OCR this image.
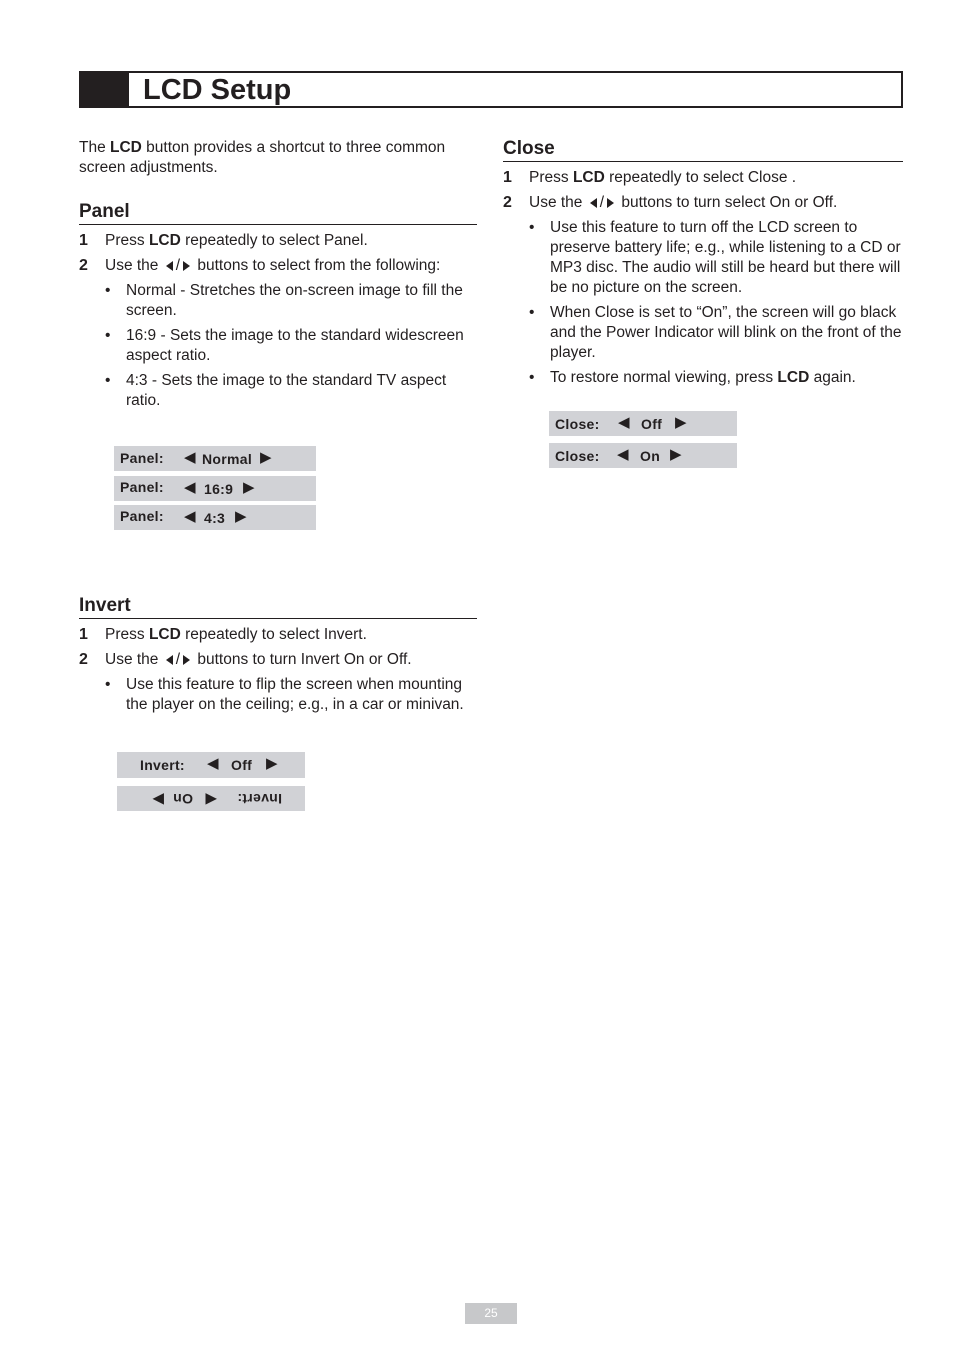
LCD Setup

The LCD button provides a shortcut to three common screen adjustments.

Panel
1 Press LCD repeatedly to select Panel.
2 Use the / buttons to select from the following:
• Normal - Stretches the on-screen image to fill the screen.
• 16:9 - Sets the image to the standard widescreen aspect ratio.
• 4:3 - Sets the image to the standard TV aspect ratio.
Panel: ◀ Normal ▶
Panel: ◀ 16:9 ▶
Panel: ◀ 4:3 ▶
Invert
1 Press LCD repeatedly to select Invert.
2 Use the / buttons to turn Invert On or Off.
• Use this feature to flip the screen when mounting the player on the ceiling; e.g., in a car or minivan.
Invert: ◀ Off ▶
Invert:
◀
On
▶
Close
1 Press LCD repeatedly to select Close .
2 Use the / buttons to turn select On or Off.
• Use this feature to turn off the LCD screen to preserve battery life; e.g., while listening to a CD or MP3 disc. The audio will still be heard but there will be no picture on the screen.
• When Close is set to “On”, the screen will go black and the Power Indicator will blink on the front of the player.
• To restore normal viewing, press LCD again.
Close: ◀ Off ▶
Close: ◀ On ▶
25
